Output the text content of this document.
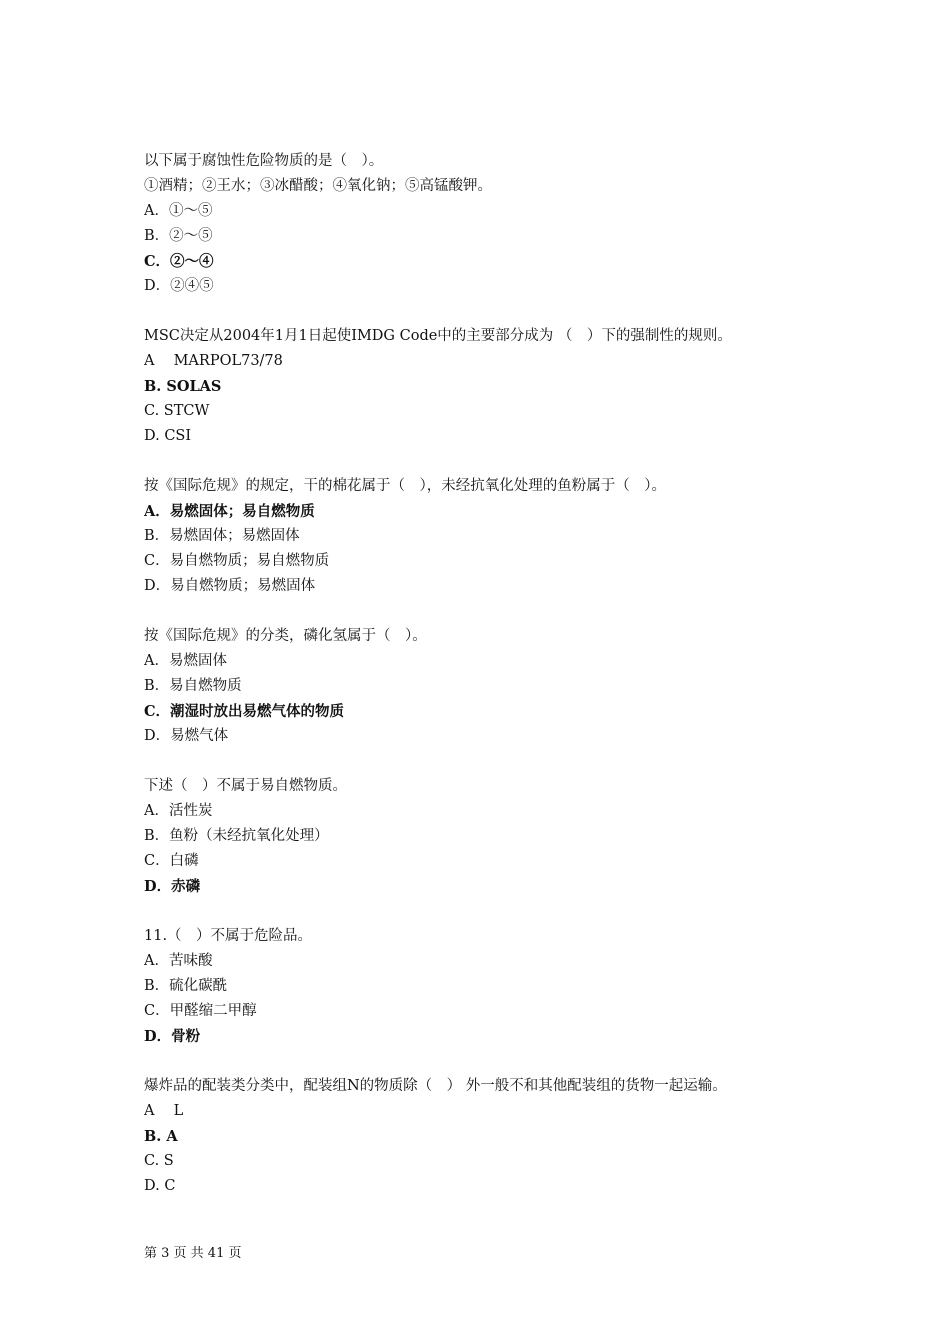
以下属于腐蚀性危险物质的是（　）。
①酒精；②王水；③冰醋酸；④氧化钠；⑤高锰酸钾。
A．①～⑤
B．②～⑤
C．②～④
D．②④⑤
MSC决定从2004年1月1日起使IMDG Code中的主要部分成为 （　）下的强制性的规则。
A　 MARPOL73/78
B. SOLAS
C. STCW
D. CSI
按《国际危规》的规定，干的棉花属于（　），未经抗氧化处理的鱼粉属于（　）。
A．易燃固体；易自燃物质
B．易燃固体；易燃固体
C．易自燃物质；易自燃物质
D．易自燃物质；易燃固体
按《国际危规》的分类，磷化氢属于（　）。
A．易燃固体
B．易自燃物质
C．潮湿时放出易燃气体的物质
D．易燃气体
下述（　）不属于易自燃物质。
A．活性炭
B．鱼粉（未经抗氧化处理）
C．白磷
D．赤磷
11.（　）不属于危险品。
A．苦味酸
B．硫化碳酰
C．甲醛缩二甲醇
D．骨粉
爆炸品的配装类分类中，配装组N的物质除（　） 外一般不和其他配装组的货物一起运输。
A　 L
B. A
C. S
D. C
第 3 页 共 41 页
